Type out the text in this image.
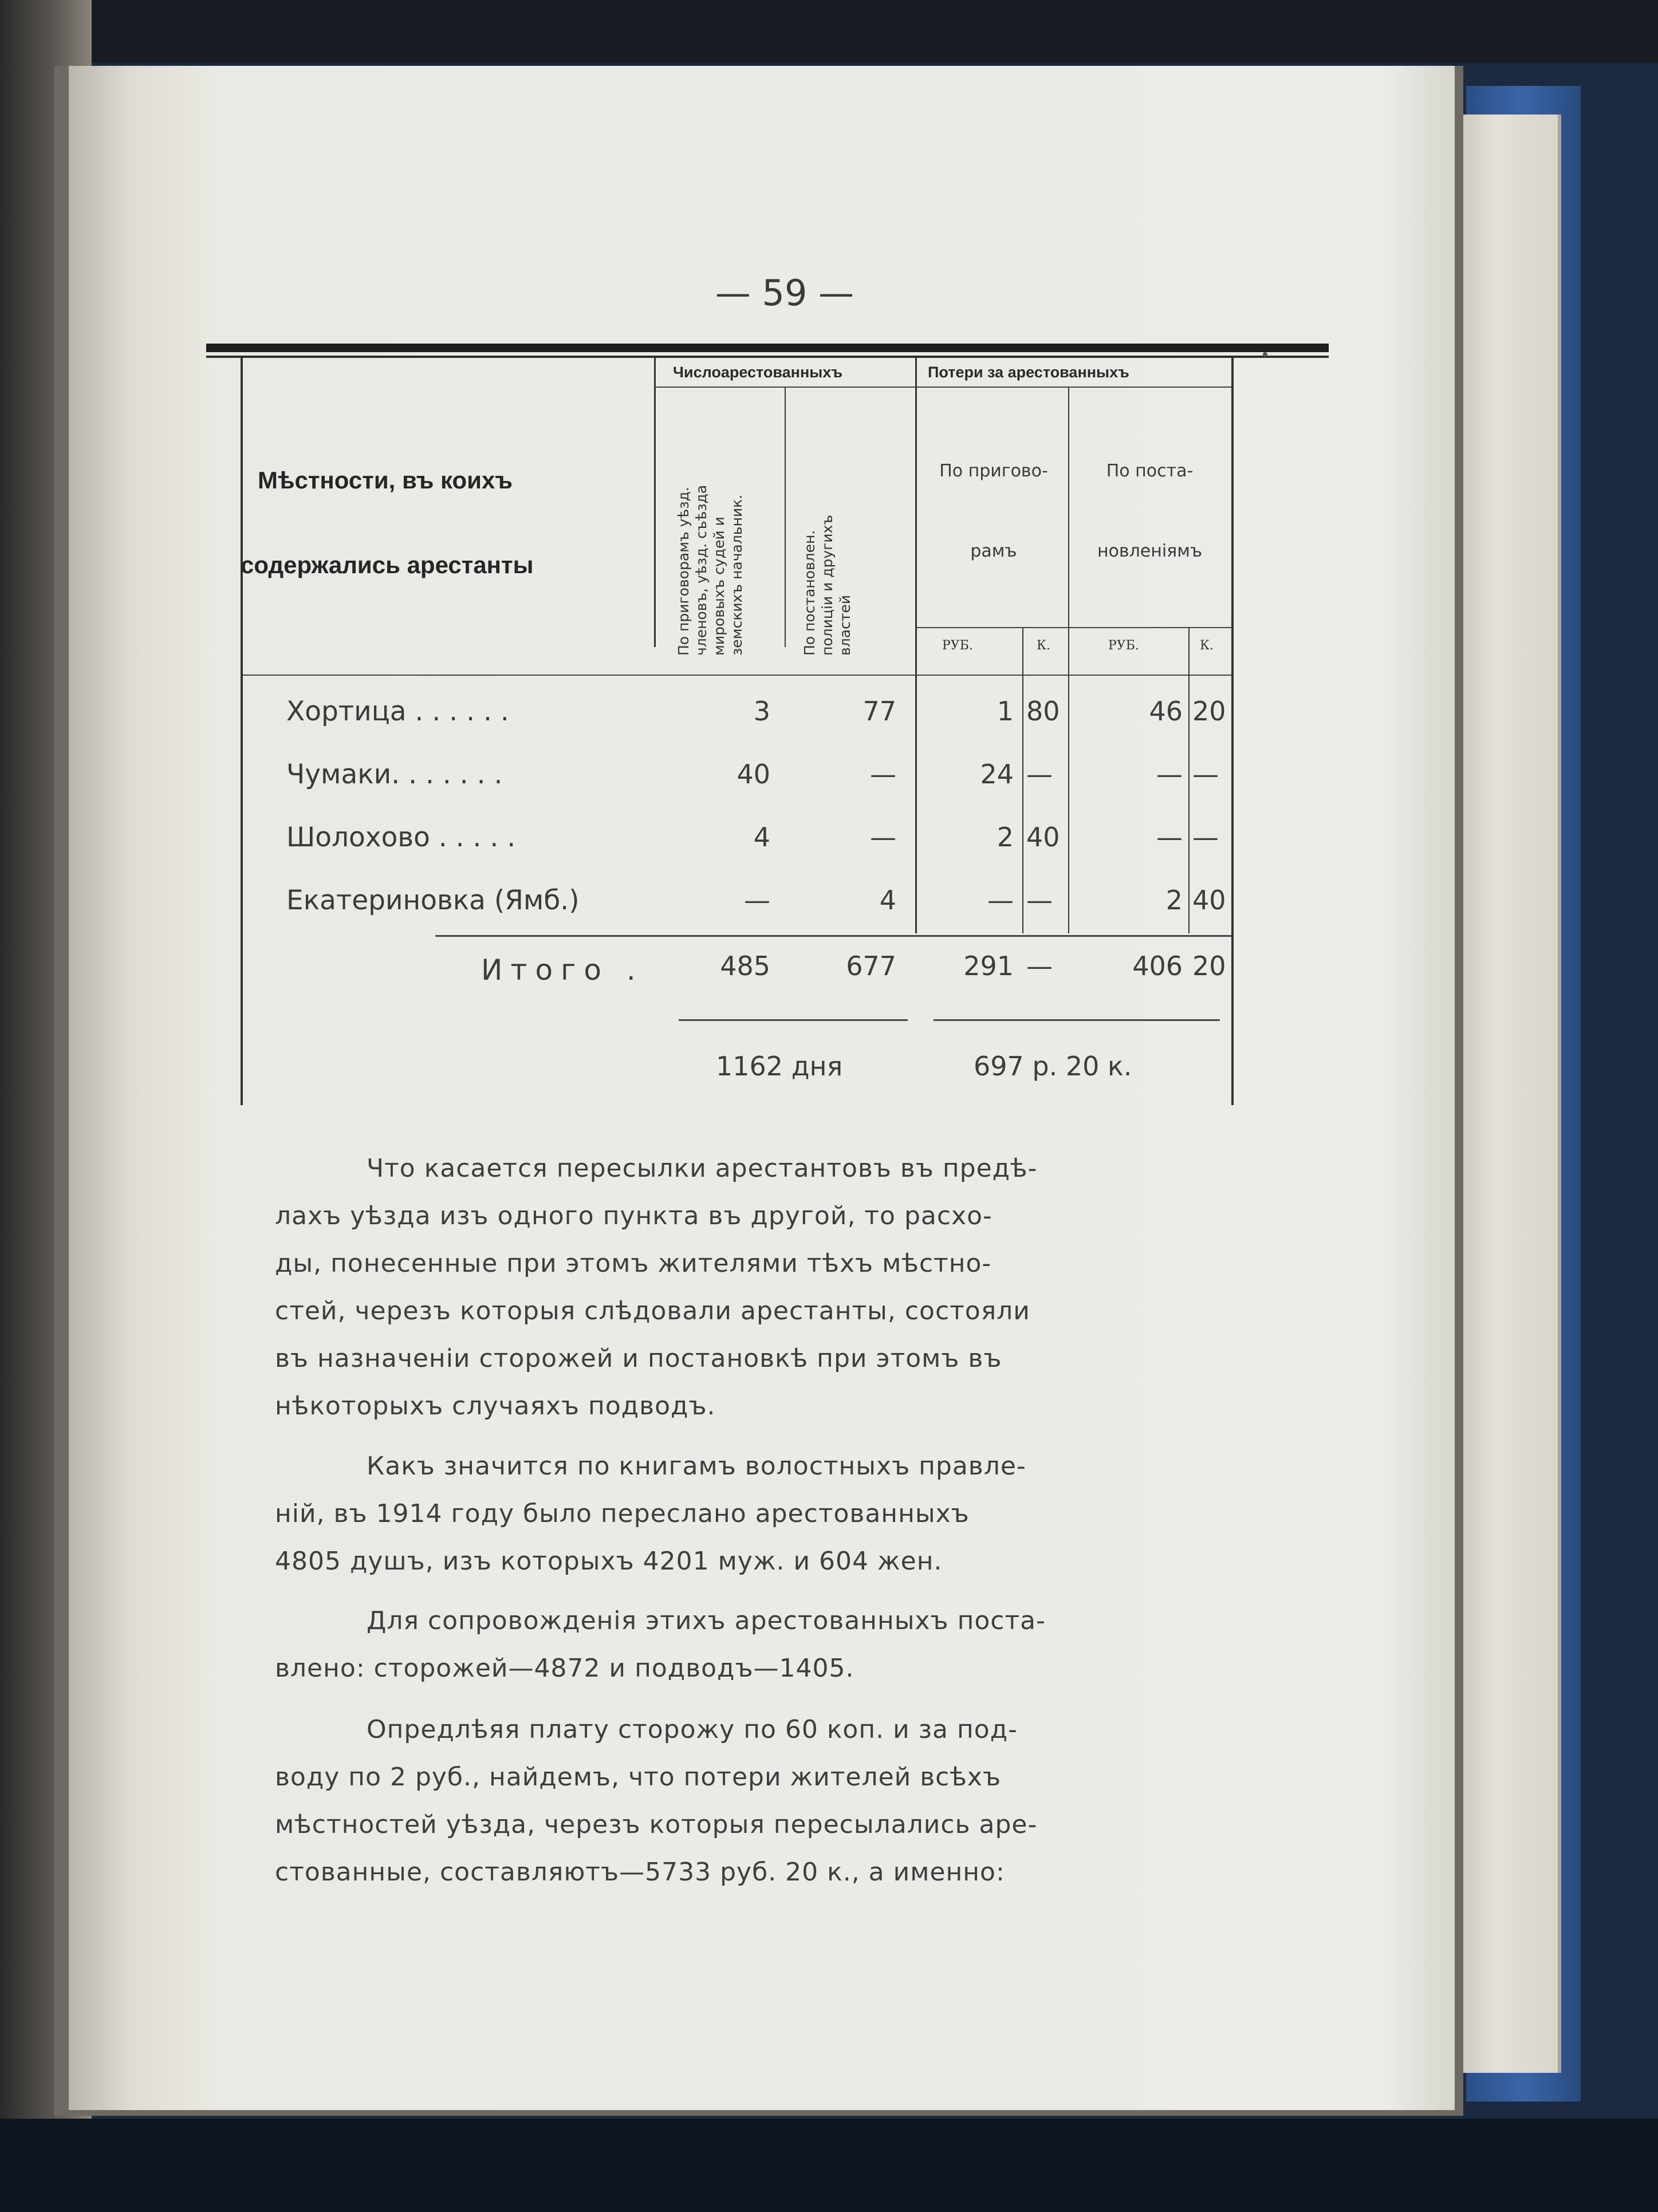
— 59 —
Мѣстности, въ коихъ
содержались арестанты
Числоарестованныхъ	Потери за арестованныхъ
По приговорамъ уѣзд. членовъ, уѣзд. съѣзда мировыхъ судей и земскихъ начальник.	По постановлен. полиціи и другихъ властей
По пригово-
рамъ
По поста-
новленіямъ
РУБ.	К.	РУБ.	К.
Хортица . . . . . .	3	77	1 80	46 20
Чумаки. . . . . . .	40	—	24 —	— —
Шолохово . . . . .	4	—	2 40	— —
Екатериновка (Ямб.)	—	4	— —	2 40
Итого .	485	677	291 —	406 20
1162 дня	697 р. 20 к.
Что касается пересылки арестантовъ въ предѣ-
лахъ уѣзда изъ одного пункта въ другой, то расхо-
ды, понесенные при этомъ жителями тѣхъ мѣстно-
стей, черезъ которыя слѣдовали арестанты, состояли
въ назначеніи сторожей и постановкѣ при этомъ въ
нѣкоторыхъ случаяхъ подводъ.
Какъ значится по книгамъ волостныхъ правле-
ній, въ 1914 году было переслано арестованныхъ
4805 душъ, изъ которыхъ 4201 муж. и 604 жен.
Для сопровожденія этихъ арестованныхъ поста-
влено: сторожей—4872 и подводъ—1405.
Опредлѣяя плату сторожу по 60 коп. и за под-
воду по 2 руб., найдемъ, что потери жителей всѣхъ
мѣстностей уѣзда, черезъ которыя пересылались аре-
стованные, составляютъ—5733 руб. 20 к., а именно:
